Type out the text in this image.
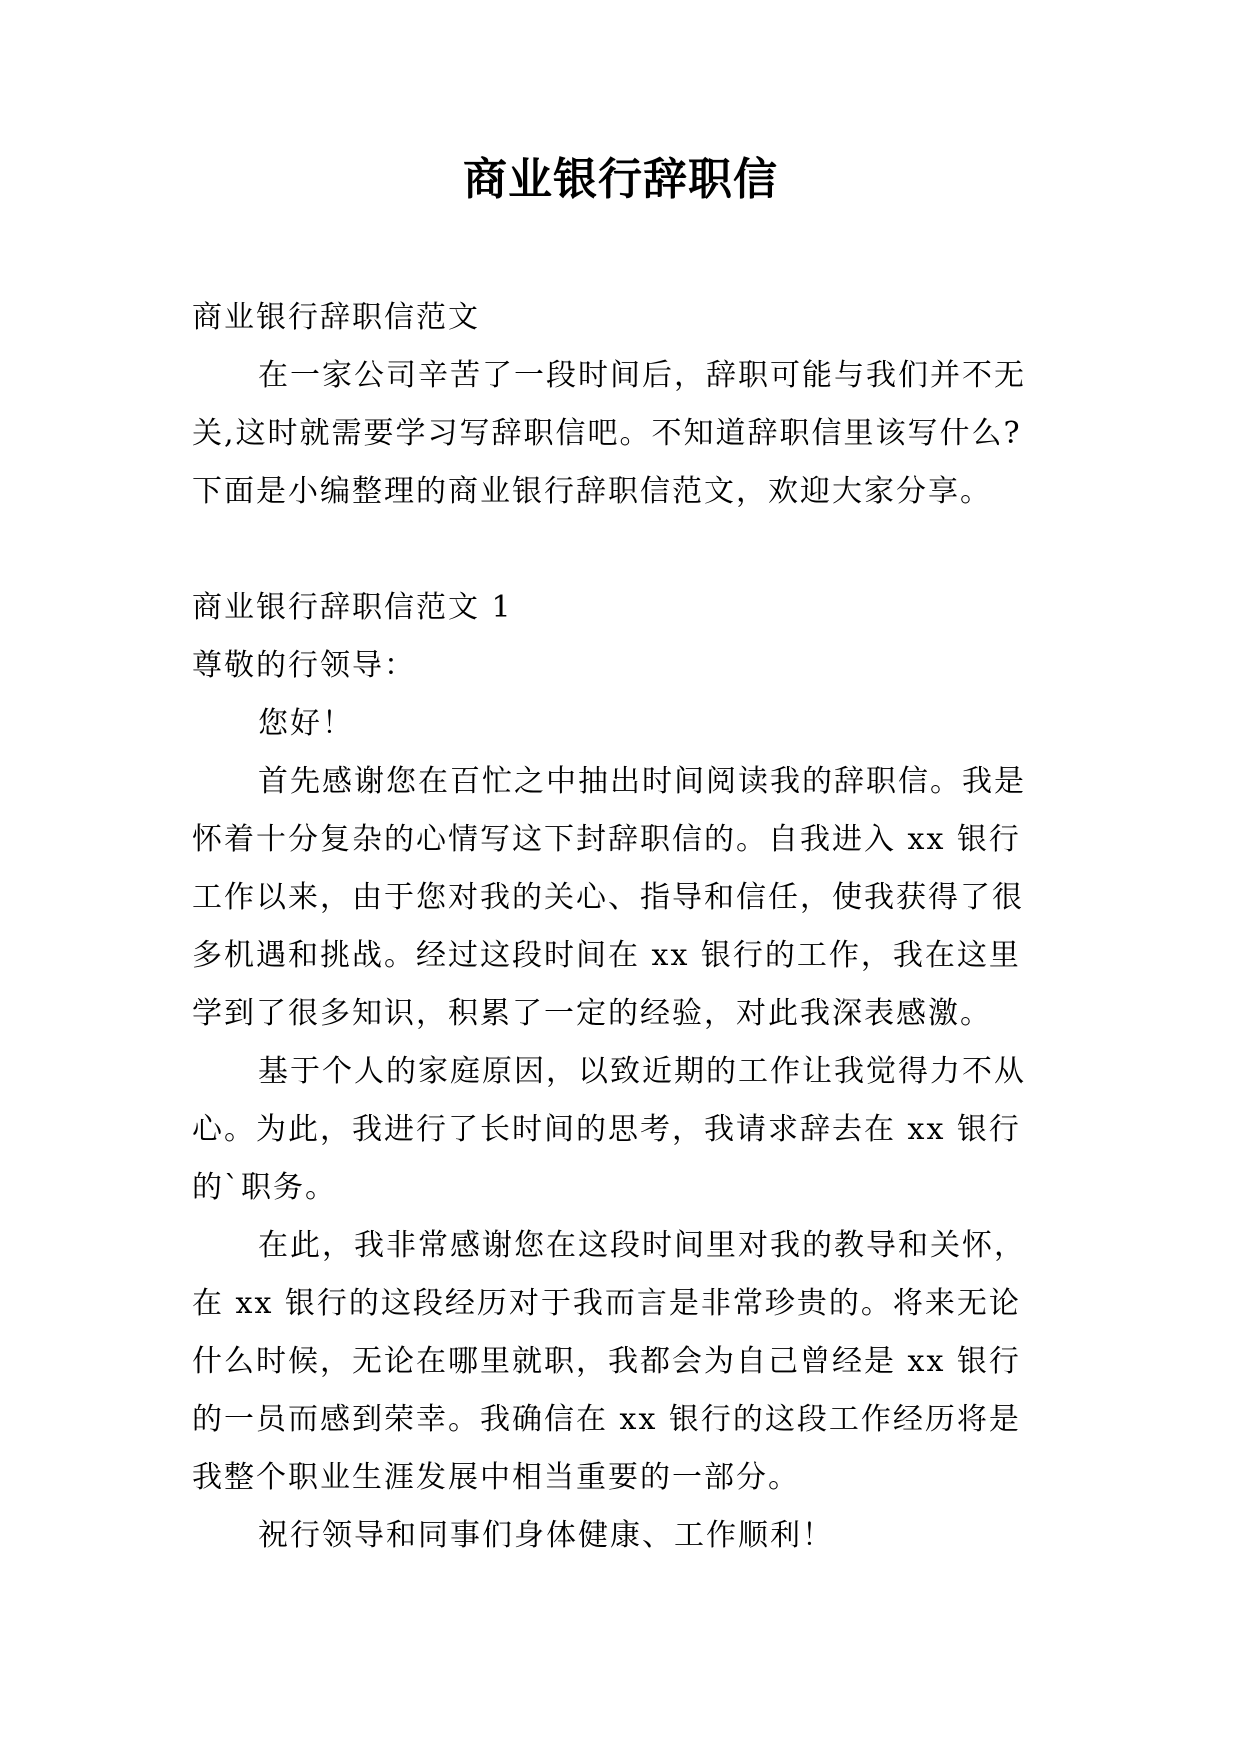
商业银行辞职信
商业银行辞职信范文
在一家公司辛苦了一段时间后，辞职可能与我们并不无
关,这时就需要学习写辞职信吧。不知道辞职信里该写什么?
下面是小编整理的商业银行辞职信范文，欢迎大家分享。
商业银行辞职信范文 1
尊敬的行领导：
您好！
首先感谢您在百忙之中抽出时间阅读我的辞职信。我是
怀着十分复杂的心情写这下封辞职信的。自我进入 xx 银行
工作以来，由于您对我的关心、指导和信任，使我获得了很
多机遇和挑战。经过这段时间在 xx 银行的工作，我在这里
学到了很多知识，积累了一定的经验，对此我深表感激。
基于个人的家庭原因，以致近期的工作让我觉得力不从
心。为此，我进行了长时间的思考，我请求辞去在 xx 银行
的`职务。
在此，我非常感谢您在这段时间里对我的教导和关怀，
在 xx 银行的这段经历对于我而言是非常珍贵的。将来无论
什么时候，无论在哪里就职，我都会为自己曾经是 xx 银行
的一员而感到荣幸。我确信在 xx 银行的这段工作经历将是
我整个职业生涯发展中相当重要的一部分。
祝行领导和同事们身体健康、工作顺利！
